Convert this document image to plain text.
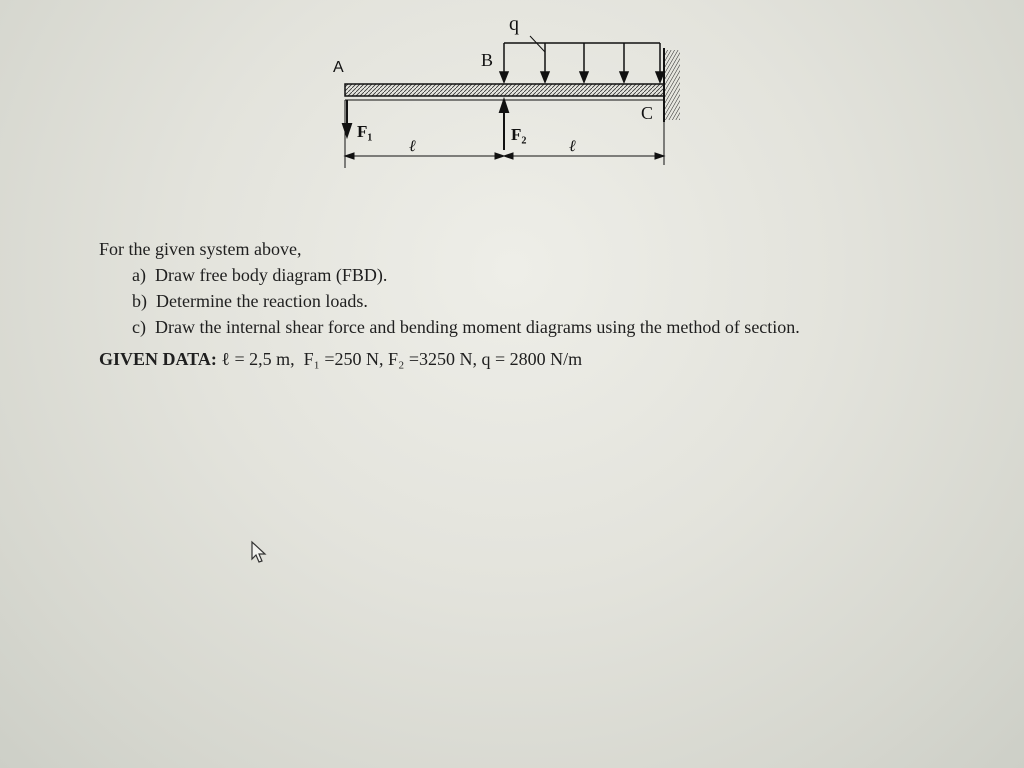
A	B
C
q
F₁	F₂
ℓ	ℓ
For the given system above,
a)  Draw free body diagram (FBD).
b)  Determine the reaction loads.
c)  Draw the internal shear force and bending moment diagrams using the method of section.
GIVEN DATA: ℓ = 2,5 m,  F₁ =250 N, F₂ =3250 N, q = 2800 N/m
